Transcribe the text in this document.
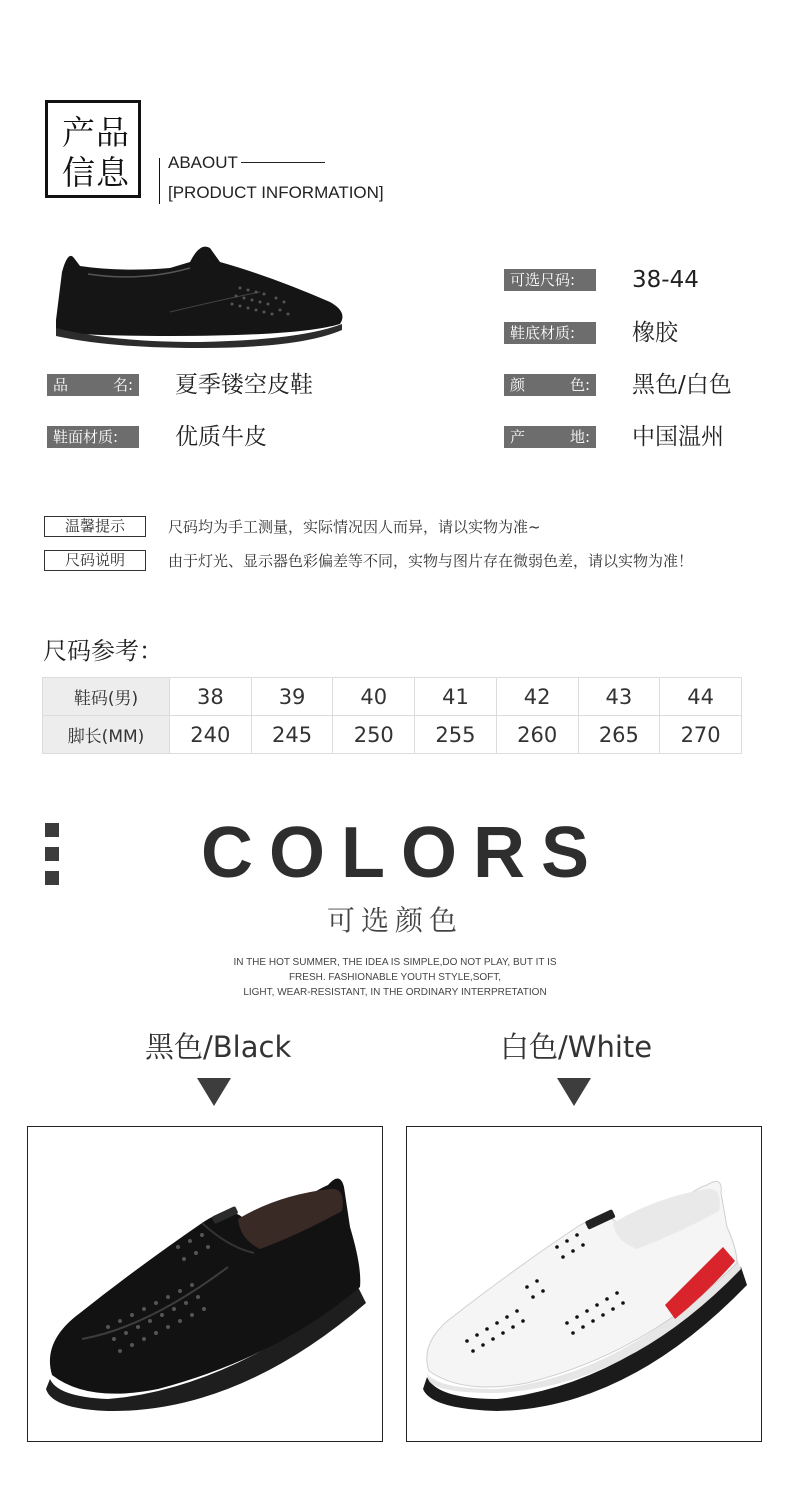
产品
信息 ABAOUT
[PRODUCT INFORMATION]
可选尺码:	38-44
鞋底材质:	橡胶
品	名: 夏季镂空皮鞋	颜	色: 黑色/白色
鞋面材质:	优质牛皮	产	地: 中国温州
温馨提示	尺码均为手工测量，实际情况因人而异，请以实物为准~
尺码说明	由于灯光、显示器色彩偏差等不同，实物与图片存在微弱色差，请以实物为准！
尺码参考：
鞋码(男)	38	39	40	41	42	43	44
脚长(MM)	240	245	250	255	260	265	270
COLORS
可选颜色
IN THE HOT SUMMER, THE IDEA IS SIMPLE,DO NOT PLAY, BUT IT IS
FRESH. FASHIONABLE YOUTH STYLE,SOFT,
LIGHT, WEAR-RESISTANT, IN THE ORDINARY INTERPRETATION
黑色/Black	白色/White
